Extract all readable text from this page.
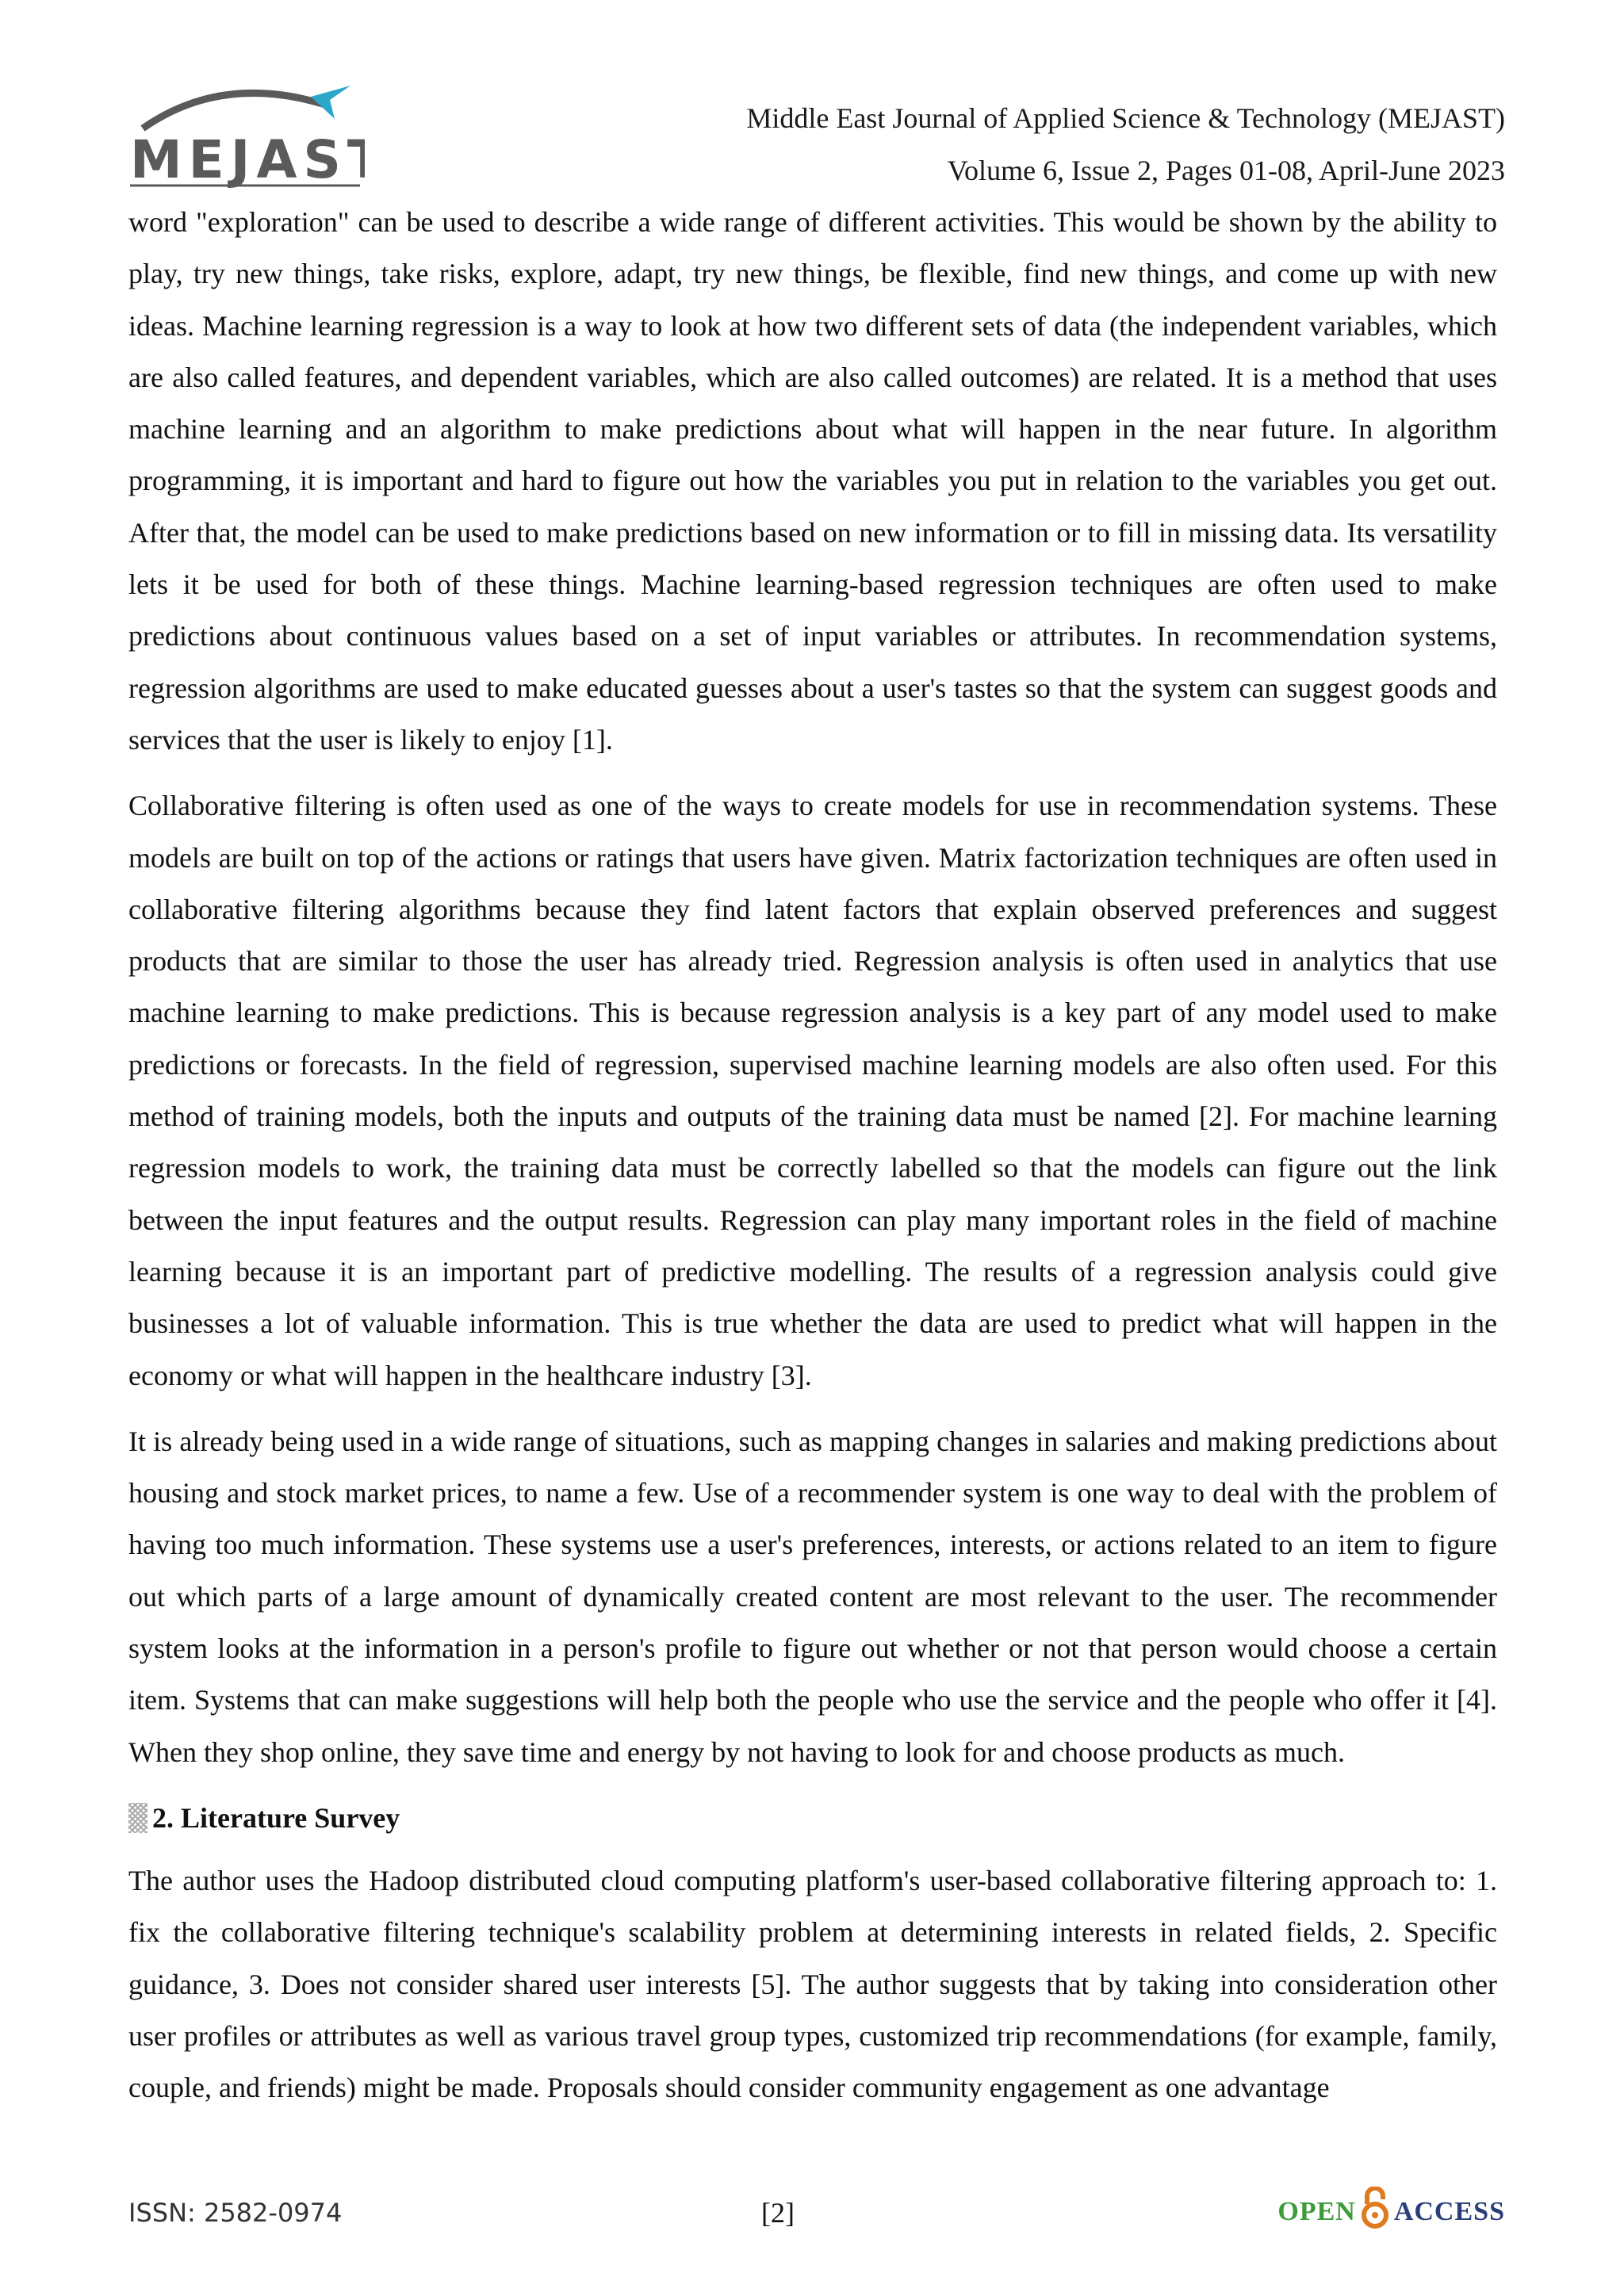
MEJAST
Middle East Journal of Applied Science & Technology (MEJAST)
Volume 6, Issue 2, Pages 01-08, April-June 2023

word "exploration" can be used to describe a wide range of different activities. This would be shown by the ability to play, try new things, take risks, explore, adapt, try new things, be flexible, find new things, and come up with new ideas. Machine learning regression is a way to look at how two different sets of data (the independent variables, which are also called features, and dependent variables, which are also called outcomes) are related. It is a method that uses machine learning and an algorithm to make predictions about what will happen in the near future. In algorithm programming, it is important and hard to figure out how the variables you put in relation to the variables you get out. After that, the model can be used to make predictions based on new information or to fill in missing data. Its versatility lets it be used for both of these things. Machine learning-based regression techniques are often used to make predictions about continuous values based on a set of input variables or attributes. In recommendation systems, regression algorithms are used to make educated guesses about a user's tastes so that the system can suggest goods and services that the user is likely to enjoy [1].

Collaborative filtering is often used as one of the ways to create models for use in recommendation systems. These models are built on top of the actions or ratings that users have given. Matrix factorization techniques are often used in collaborative filtering algorithms because they find latent factors that explain observed preferences and suggest products that are similar to those the user has already tried. Regression analysis is often used in analytics that use machine learning to make predictions. This is because regression analysis is a key part of any model used to make predictions or forecasts. In the field of regression, supervised machine learning models are also often used. For this method of training models, both the inputs and outputs of the training data must be named [2]. For machine learning regression models to work, the training data must be correctly labelled so that the models can figure out the link between the input features and the output results. Regression can play many important roles in the field of machine learning because it is an important part of predictive modelling. The results of a regression analysis could give businesses a lot of valuable information. This is true whether the data are used to predict what will happen in the economy or what will happen in the healthcare industry [3].

It is already being used in a wide range of situations, such as mapping changes in salaries and making predictions about housing and stock market prices, to name a few. Use of a recommender system is one way to deal with the problem of having too much information. These systems use a user's preferences, interests, or actions related to an item to figure out which parts of a large amount of dynamically created content are most relevant to the user. The recommender system looks at the information in a person's profile to figure out whether or not that person would choose a certain item. Systems that can make suggestions will help both the people who use the service and the people who offer it [4]. When they shop online, they save time and energy by not having to look for and choose products as much.

2. Literature Survey

The author uses the Hadoop distributed cloud computing platform's user-based collaborative filtering approach to: 1. fix the collaborative filtering technique's scalability problem at determining interests in related fields, 2. Specific guidance, 3. Does not consider shared user interests [5]. The author suggests that by taking into consideration other user profiles or attributes as well as various travel group types, customized trip recommendations (for example, family, couple, and friends) might be made. Proposals should consider community engagement as one advantage

ISSN: 2582-0974	[2]	OPEN ACCESS
